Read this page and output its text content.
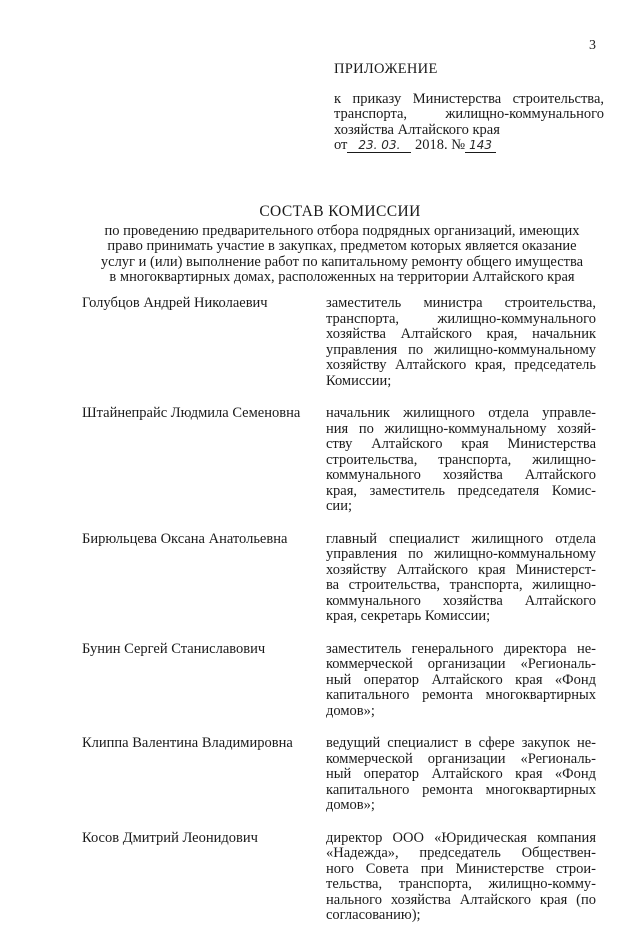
3
ПРИЛОЖЕНИЕ
к приказу Министерства строительства,
транспорта, жилищно-коммунального
хозяйства Алтайского края
от 23. 03. 2018. № 143
СОСТАВ КОМИССИИ
по проведению предварительного отбора подрядных организаций, имеющих
право принимать участие в закупках, предметом которых является оказание
услуг и (или) выполнение работ по капитальному ремонту общего имущества
в многоквартирных домах, расположенных на территории Алтайского края
Голубцов Андрей Николаевич	заместитель министра строительства,
транспорта, жилищно-коммунального
хозяйства Алтайского края, начальник
управления по жилищно-коммунальному
хозяйству Алтайского края, председатель
Комиссии;
Штайнепрайс Людмила Семеновна	начальник жилищного отдела управле-
ния по жилищно-коммунальному хозяй-
ству Алтайского края Министерства
строительства, транспорта, жилищно-
коммунального хозяйства Алтайского
края, заместитель председателя Комис-
сии;
Бирюльцева Оксана Анатольевна	главный специалист жилищного отдела
управления по жилищно-коммунальному
хозяйству Алтайского края Министерст-
ва строительства, транспорта, жилищно-
коммунального хозяйства Алтайского
края, секретарь Комиссии;
Бунин Сергей Станиславович	заместитель генерального директора не-
коммерческой организации «Региональ-
ный оператор Алтайского края «Фонд
капитального ремонта многоквартирных
домов»;
Клиппа Валентина Владимировна	ведущий специалист в сфере закупок не-
коммерческой организации «Региональ-
ный оператор Алтайского края «Фонд
капитального ремонта многоквартирных
домов»;
Косов Дмитрий Леонидович	директор ООО «Юридическая компания
«Надежда», председатель Обществен-
ного Совета при Министерстве строи-
тельства, транспорта, жилищно-комму-
нального хозяйства Алтайского края (по
согласованию);
